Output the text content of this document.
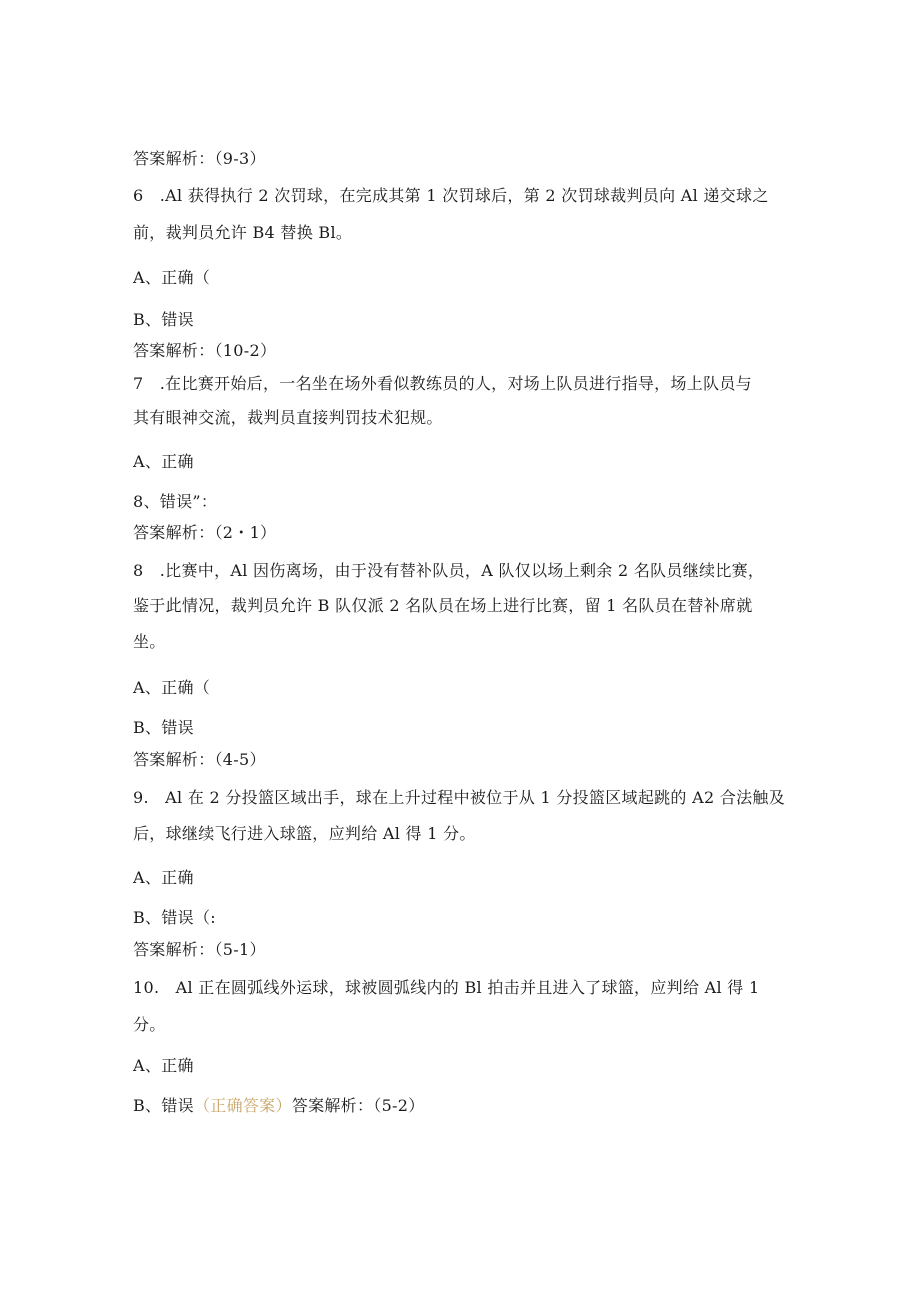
答案解析：（9-3）
6　.Al 获得执行 2 次罚球，在完成其第 1 次罚球后，第 2 次罚球裁判员向 Al 递交球之
前，裁判员允许 B4 替换 Bl。
A、正确（
B、错误
答案解析：（10-2）
7　.在比赛开始后，一名坐在场外看似教练员的人，对场上队员进行指导，场上队员与
其有眼神交流，裁判员直接判罚技术犯规。
A、正确
8、错误”：
答案解析：（2・1）
8　.比赛中，Al 因伤离场，由于没有替补队员，A 队仅以场上剩余 2 名队员继续比赛，
鉴于此情况，裁判员允许 B 队仅派 2 名队员在场上进行比赛，留 1 名队员在替补席就
坐。
A、正确（
B、错误
答案解析：（4-5）
9.　Al 在 2 分投篮区域出手，球在上升过程中被位于从 1 分投篮区域起跳的 A2 合法触及
后，球继续飞行进入球篮，应判给 Al 得 1 分。
A、正确
B、错误（:
答案解析：（5-1）
10.　Al 正在圆弧线外运球，球被圆弧线内的 Bl 拍击并且进入了球篮，应判给 Al 得 1
分。
A、正确
B、错误（正确答案）答案解析：（5-2）
